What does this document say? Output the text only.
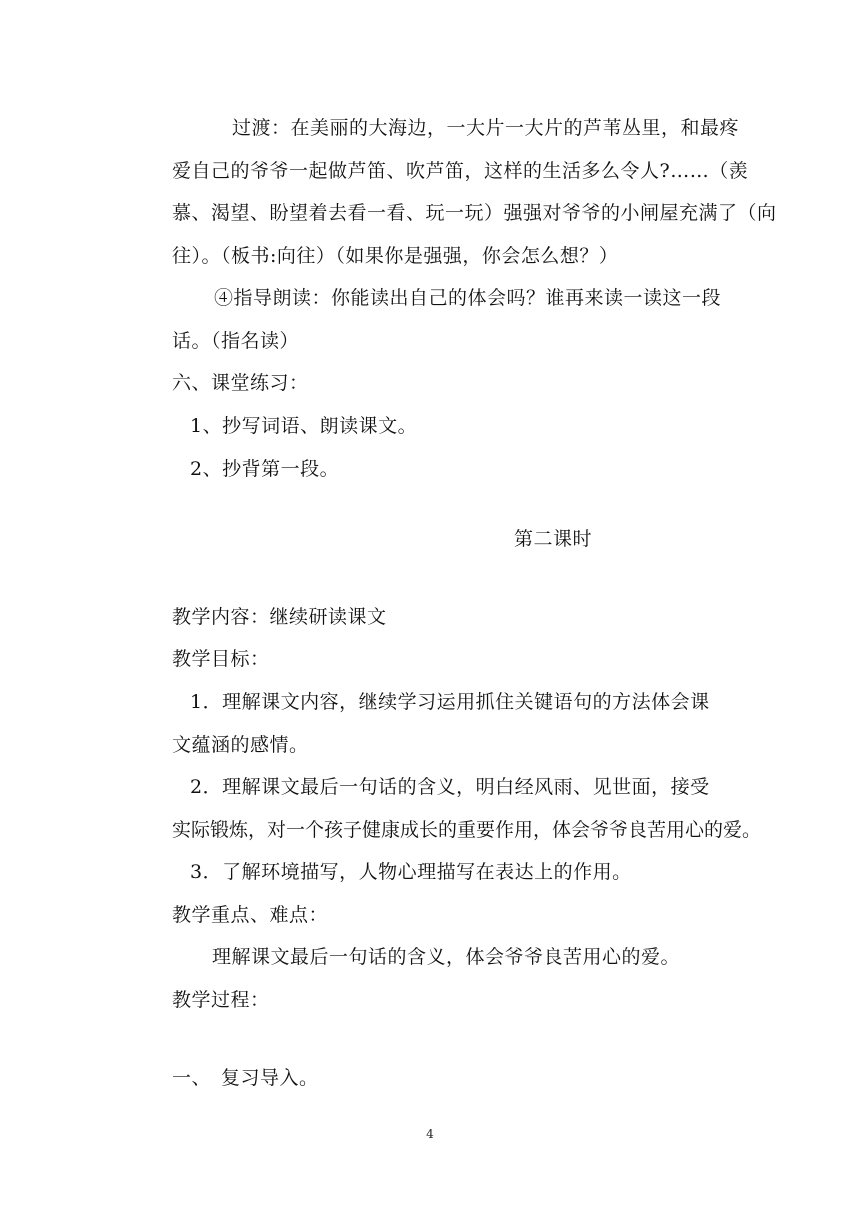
过渡：在美丽的大海边，一大片一大片的芦苇丛里，和最疼
爱自己的爷爷一起做芦笛、吹芦笛，这样的生活多么令人?……（羡
慕、渴望、盼望着去看一看、玩一玩）强强对爷爷的小闸屋充满了（向
往）。（板书:向往）（如果你是强强，你会怎么想？）
④指导朗读：你能读出自己的体会吗？谁再来读一读这一段
话。（指名读）
六、课堂练习：
1、抄写词语、朗读课文。
2、抄背第一段。
第二课时
教学内容：继续研读课文
教学目标：
1．理解课文内容，继续学习运用抓住关键语句的方法体会课
文蕴涵的感情。
2．理解课文最后一句话的含义，明白经风雨、见世面，接受
实际锻炼，对一个孩子健康成长的重要作用，体会爷爷良苦用心的爱。
3．了解环境描写，人物心理描写在表达上的作用。
教学重点、难点：
理解课文最后一句话的含义，体会爷爷良苦用心的爱。
教学过程：
一、　复习导入。
4
